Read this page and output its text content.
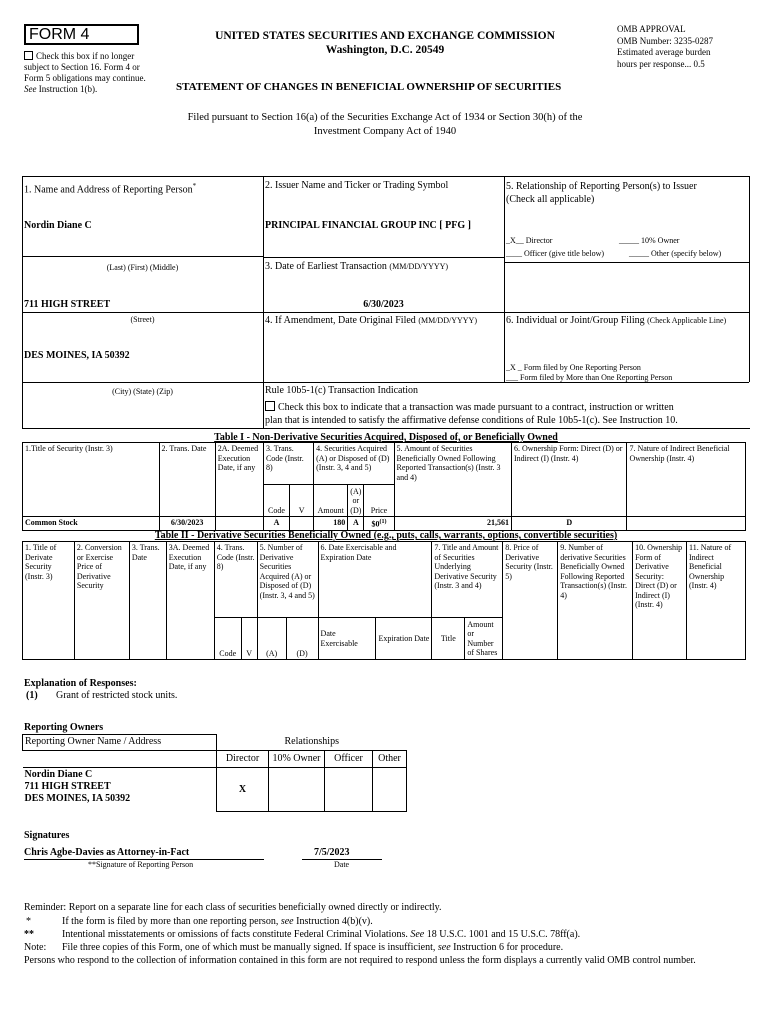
FORM 4
Check this box if no longer subject to Section 16. Form 4 or Form 5 obligations may continue. See Instruction 1(b).
UNITED STATES SECURITIES AND EXCHANGE COMMISSION
Washington, D.C. 20549
OMB APPROVAL
OMB Number: 3235-0287
Estimated average burden
hours per response... 0.5
STATEMENT OF CHANGES IN BENEFICIAL OWNERSHIP OF SECURITIES
Filed pursuant to Section 16(a) of the Securities Exchange Act of 1934 or Section 30(h) of the
Investment Company Act of 1940
1. Name and Address of Reporting Person*
Nordin Diane C
(Last) (First) (Middle)
711 HIGH STREET
(Street)
DES MOINES, IA 50392
(City) (State) (Zip)
2. Issuer Name and Ticker or Trading Symbol
PRINCIPAL FINANCIAL GROUP INC [ PFG ]
3. Date of Earliest Transaction (MM/DD/YYYY)
6/30/2023
4. If Amendment, Date Original Filed (MM/DD/YYYY)
5. Relationship of Reporting Person(s) to Issuer
(Check all applicable)
_X__ Director	_____ 10% Owner
____ Officer (give title below)	_____ Other (specify below)
6. Individual or Joint/Group Filing (Check Applicable Line)
_X _ Form filed by One Reporting Person
___ Form filed by More than One Reporting Person
Rule 10b5-1(c) Transaction Indication
Check this box to indicate that a transaction was made pursuant to a contract, instruction or written
plan that is intended to satisfy the affirmative defense conditions of Rule 10b5-1(c). See Instruction 10.
Table I - Non-Derivative Securities Acquired, Disposed of, or Beneficially Owned
1.Title of Security (Instr. 3)	2. Trans. Date	2A. Deemed Execution Date, if any	3. Trans. Code (Instr. 8)		4. Securities Acquired (A) or Disposed of (D) (Instr. 3, 4 and 5)			5. Amount of Securities Beneficially Owned Following Reported Transaction(s) (Instr. 3 and 4)	6. Ownership Form: Direct (D) or Indirect (I) (Instr. 4)	7. Nature of Indirect Beneficial Ownership (Instr. 4)
			Code	V	Amount	(A) or (D)	Price			
Common Stock	6/30/2023		A		180	A	$0$^{(1)}$	21,561	D	
Table II - Derivative Securities Beneficially Owned (e.g., puts, calls, warrants, options, convertible securities)
1. Title of Derivate Security (Instr. 3)	2. Conversion or Exercise Price of Derivative Security	3. Trans. Date	3A. Deemed Execution Date, if any	4. Trans. Code (Instr. 8)		5. Number of Derivative Securities Acquired (A) or Disposed of (D) (Instr. 3, 4 and 5)		6. Date Exercisable and Expiration Date		7. Title and Amount of Securities Underlying Derivative Security (Instr. 3 and 4)		8. Price of Derivative Security (Instr. 5)	9. Number of derivative Securities Beneficially Owned Following Reported Transaction(s) (Instr. 4)	10. Ownership Form of Derivative Security: Direct (D) or Indirect (I) (Instr. 4)	11. Nature of Indirect Beneficial Ownership (Instr. 4)
				Code	V	(A)	(D)	Date Exercisable	Expiration Date	Title	Amount or Number of Shares				
Explanation of Responses:
(1) Grant of restricted stock units.
Reporting Owners
Reporting Owner Name / Address	Relationships			
	Director	10% Owner	Officer	Other

Nordin Diane C
711 HIGH STREET
DES MOINES, IA 50392	X			
Signatures
Chris Agbe-Davies as Attorney-in-Fact	7/5/2023
**Signature of Reporting Person	Date
Reminder: Report on a separate line for each class of securities beneficially owned directly or indirectly.
*	If the form is filed by more than one reporting person, see Instruction 4(b)(v).
**	Intentional misstatements or omissions of facts constitute Federal Criminal Violations. See 18 U.S.C. 1001 and 15 U.S.C. 78ff(a).
Note: File three copies of this Form, one of which must be manually signed. If space is insufficient, see Instruction 6 for procedure.
Persons who respond to the collection of information contained in this form are not required to respond unless the form displays a currently valid OMB control number.
